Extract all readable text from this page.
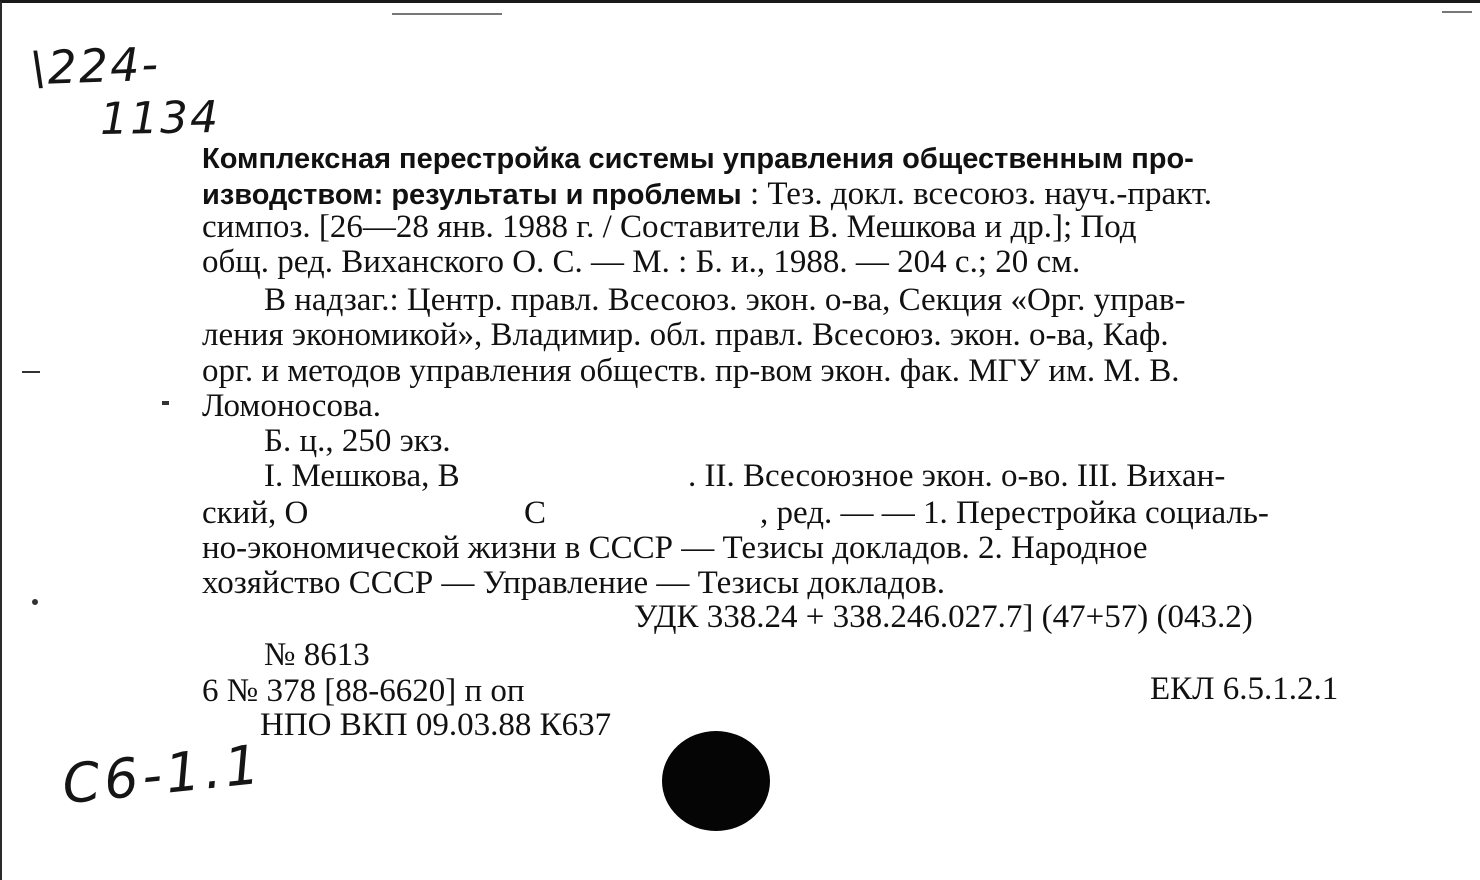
\224-
1134
Комплексная перестройка системы управления общественным про-
изводством: результаты и проблемы : Тез. докл. всесоюз. науч.-практ.
симпоз. [26—28 янв. 1988 г. / Составители В. Мешкова и др.]; Под
общ. ред. Виханского О. С. — М. : Б. и., 1988. — 204 с.; 20 см.
В надзаг.: Центр. правл. Всесоюз. экон. о-ва, Секция «Орг. управ-
ления экономикой», Владимир. обл. правл. Всесоюз. экон. о-ва, Каф.
орг. и методов управления обществ. пр-вом экон. фак. МГУ им. М. В.
Ломоносова.
Б. ц., 250 экз.
I. Мешкова, В	. II. Всесоюзное экон. о-во. III. Вихан-
ский, О	С	, ред. — — 1. Перестройка социаль-
но-экономической жизни в СССР — Тезисы докладов. 2. Народное
хозяйство СССР — Управление — Тезисы докладов.
УДК 338.24 + 338.246.027.7] (47+57) (043.2)
№ 8613
6 № 378 [88-6620] п оп	ЕКЛ 6.5.1.2.1
НПО ВКП 09.03.88 К637
C6-1.1
